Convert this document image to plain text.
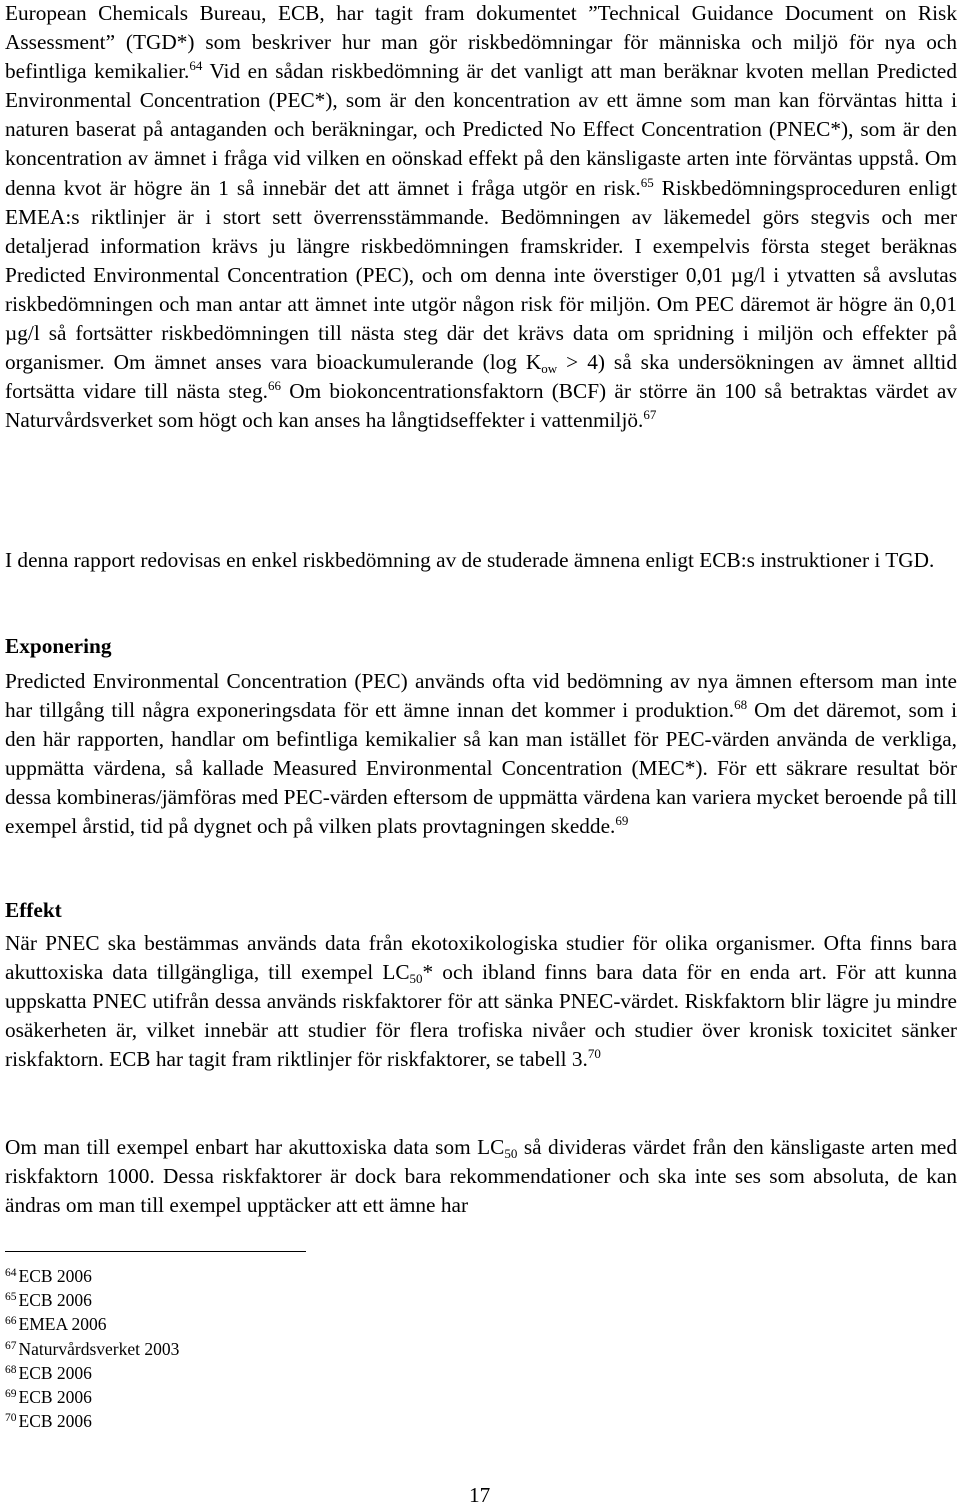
European Chemicals Bureau, ECB, har tagit fram dokumentet ”Technical Guidance Document on Risk Assessment” (TGD*) som beskriver hur man gör riskbedömningar för människa och miljö för nya och befintliga kemikalier.$^{64}$ Vid en sådan riskbedömning är det vanligt att man beräknar kvoten mellan Predicted Environmental Concentration (PEC*), som är den koncentration av ett ämne som man kan förväntas hitta i naturen baserat på antaganden och beräkningar, och Predicted No Effect Concentration (PNEC*), som är den koncentration av ämnet i fråga vid vilken en oönskad effekt på den känsligaste arten inte förväntas uppstå. Om denna kvot är högre än 1 så innebär det att ämnet i fråga utgör en risk.$^{65}$ Riskbedömningsproceduren enligt EMEA:s riktlinjer är i stort sett överrensstämmande. Bedömningen av läkemedel görs stegvis och mer detaljerad information krävs ju längre riskbedömningen framskrider. I exempelvis första steget beräknas Predicted Environmental Concentration (PEC), och om denna inte överstiger 0,01 µg/l i ytvatten så avslutas riskbedömningen och man antar att ämnet inte utgör någon risk för miljön. Om PEC däremot är högre än 0,01 µg/l så fortsätter riskbedömningen till nästa steg där det krävs data om spridning i miljön och effekter på organismer. Om ämnet anses vara bioackumulerande (log $K_{ow} > 4$) så ska undersökningen av ämnet alltid fortsätta vidare till nästa steg.$^{66}$ Om biokoncentrationsfaktorn (BCF) är större än 100 så betraktas värdet av Naturvårdsverket som högt och kan anses ha långtidseffekter i vattenmiljö.$^{67}$

I denna rapport redovisas en enkel riskbedömning av de studerade ämnena enligt ECB:s instruktioner i TGD.

Exponering

Predicted Environmental Concentration (PEC) används ofta vid bedömning av nya ämnen eftersom man inte har tillgång till några exponeringsdata för ett ämne innan det kommer i produktion.$^{68}$ Om det däremot, som i den här rapporten, handlar om befintliga kemikalier så kan man istället för PEC-värden använda de verkliga, uppmätta värdena, så kallade Measured Environmental Concentration (MEC*). För ett säkrare resultat bör dessa kombineras/jämföras med PEC-värden eftersom de uppmätta värdena kan variera mycket beroende på till exempel årstid, tid på dygnet och på vilken plats provtagningen skedde.$^{69}$

Effekt

När PNEC ska bestämmas används data från ekotoxikologiska studier för olika organismer. Ofta finns bara akuttoxiska data tillgängliga, till exempel $LC_{50}*$ och ibland finns bara data för en enda art. För att kunna uppskatta PNEC utifrån dessa används riskfaktorer för att sänka PNEC-värdet. Riskfaktorn blir lägre ju mindre osäkerheten är, vilket innebär att studier för flera trofiska nivåer och studier över kronisk toxicitet sänker riskfaktorn. ECB har tagit fram riktlinjer för riskfaktorer, se tabell 3.70

Om man till exempel enbart har akuttoxiska data som $LC_{50}$ så divideras värdet från den känsligaste arten med riskfaktorn 1000. Dessa riskfaktorer är dock bara rekommendationer och ska inte ses som absoluta, de kan ändras om man till exempel upptäcker att ett ämne har

$^{64}$ ECB 2006
$^{65}$ ECB 2006
$^{66}$ EMEA 2006
$^{67}$ Naturvårdsverket 2003
$^{68}$ ECB 2006
$^{69}$ ECB 2006
$^{70}$ ECB 2006
17
